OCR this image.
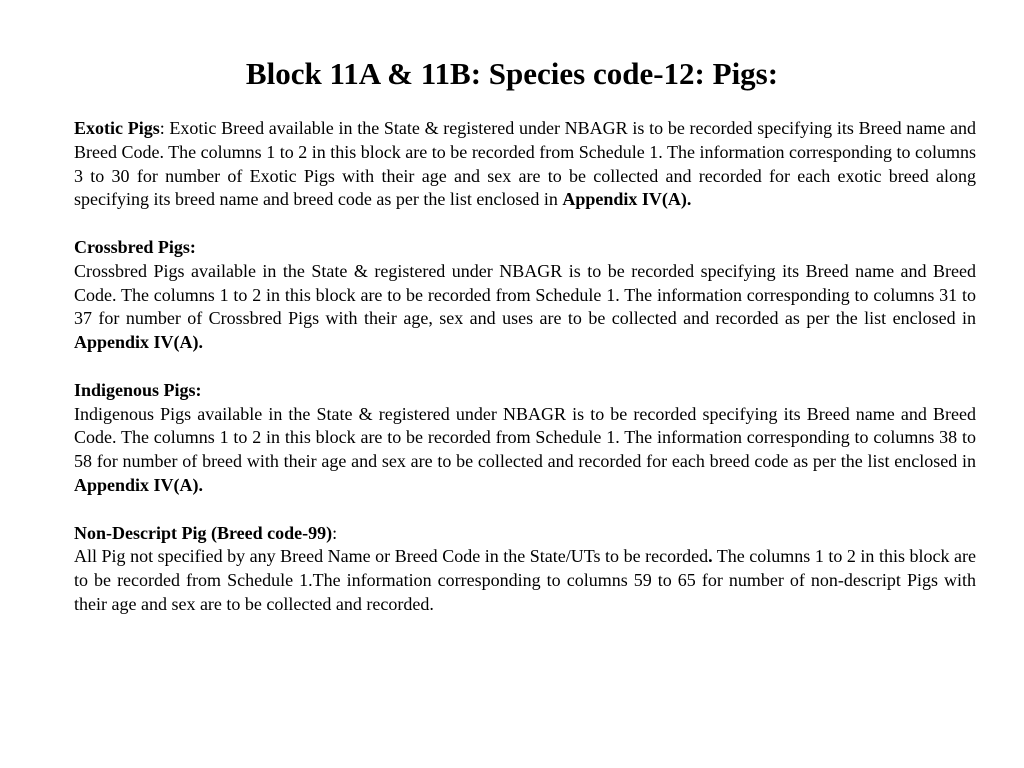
Block 11A & 11B: Species code-12: Pigs:

Exotic Pigs: Exotic Breed available in the State & registered under NBAGR is to be recorded specifying its Breed name and Breed Code. The columns 1 to 2 in this block are to be recorded from Schedule 1. The information corresponding to columns 3 to 30 for number of Exotic Pigs with their age and sex are to be collected and recorded for each exotic breed along specifying its breed name and breed code as per the list enclosed in Appendix IV(A).

Crossbred Pigs:
Crossbred Pigs available in the State & registered under NBAGR is to be recorded specifying its Breed name and Breed Code. The columns 1 to 2 in this block are to be recorded from Schedule 1. The information corresponding to columns 31 to 37 for number of Crossbred Pigs with their age, sex and uses are to be collected and recorded as per the list enclosed in Appendix IV(A).
Indigenous Pigs:
Indigenous Pigs available in the State & registered under NBAGR is to be recorded specifying its Breed name and Breed Code. The columns 1 to 2 in this block are to be recorded from Schedule 1. The information corresponding to columns 38 to 58 for number of breed with their age and sex are to be collected and recorded for each breed code as per the list enclosed in Appendix IV(A).
Non-Descript Pig (Breed code-99):
All Pig not specified by any Breed Name or Breed Code in the State/UTs to be recorded. The columns 1 to 2 in this block are to be recorded from Schedule 1.The information corresponding to columns 59 to 65 for number of non-descript Pigs with their age and sex are to be collected and recorded.
